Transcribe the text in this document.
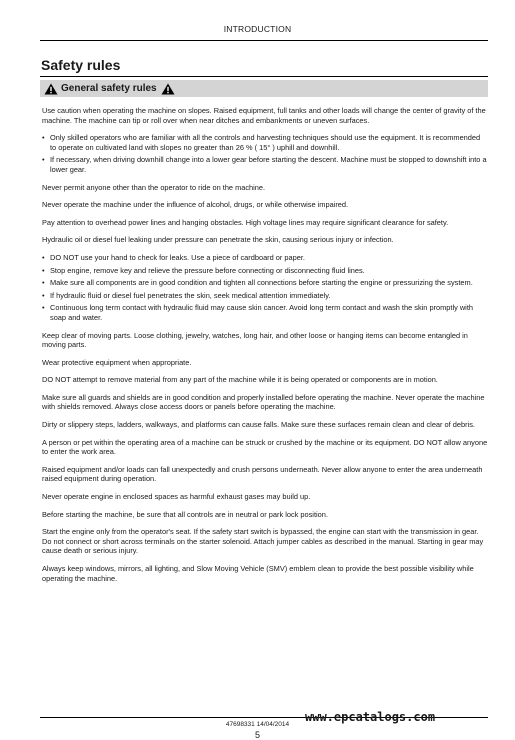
INTRODUCTION
Safety rules
General safety rules

Use caution when operating the machine on slopes. Raised equipment, full tanks and other loads will change the center of gravity of the machine. The machine can tip or roll over when near ditches and embankments or uneven surfaces.

• Only skilled operators who are familiar with all the controls and harvesting techniques should use the equipment. It is recommended to operate on cultivated land with slopes no greater than 26 % ( 15° ) uphill and downhill.
• If necessary, when driving downhill change into a lower gear before starting the descent. Machine must be stopped to downshift into a lower gear.

Never permit anyone other than the operator to ride on the machine.

Never operate the machine under the influence of alcohol, drugs, or while otherwise impaired.

Pay attention to overhead power lines and hanging obstacles. High voltage lines may require significant clearance for safety.

Hydraulic oil or diesel fuel leaking under pressure can penetrate the skin, causing serious injury or infection.

• DO NOT use your hand to check for leaks. Use a piece of cardboard or paper.
• Stop engine, remove key and relieve the pressure before connecting or disconnecting fluid lines.
• Make sure all components are in good condition and tighten all connections before starting the engine or pressurizing the system.
• If hydraulic fluid or diesel fuel penetrates the skin, seek medical attention immediately.
• Continuous long term contact with hydraulic fluid may cause skin cancer. Avoid long term contact and wash the skin promptly with soap and water.

Keep clear of moving parts. Loose clothing, jewelry, watches, long hair, and other loose or hanging items can become entangled in moving parts.

Wear protective equipment when appropriate.

DO NOT attempt to remove material from any part of the machine while it is being operated or components are in motion.

Make sure all guards and shields are in good condition and properly installed before operating the machine. Never operate the machine with shields removed. Always close access doors or panels before operating the machine.

Dirty or slippery steps, ladders, walkways, and platforms can cause falls. Make sure these surfaces remain clean and clear of debris.

A person or pet within the operating area of a machine can be struck or crushed by the machine or its equipment. DO NOT allow anyone to enter the work area.

Raised equipment and/or loads can fall unexpectedly and crush persons underneath. Never allow anyone to enter the area underneath raised equipment during operation.

Never operate engine in enclosed spaces as harmful exhaust gases may build up.

Before starting the machine, be sure that all controls are in neutral or park lock position.

Start the engine only from the operator's seat. If the safety start switch is bypassed, the engine can start with the transmission in gear. Do not connect or short across terminals on the starter solenoid. Attach jumper cables as described in the manual. Starting in gear may cause death or serious injury.

Always keep windows, mirrors, all lighting, and Slow Moving Vehicle (SMV) emblem clean to provide the best possible visibility while operating the machine.

47698331 14/04/2014
5
www.epcatalogs.com
